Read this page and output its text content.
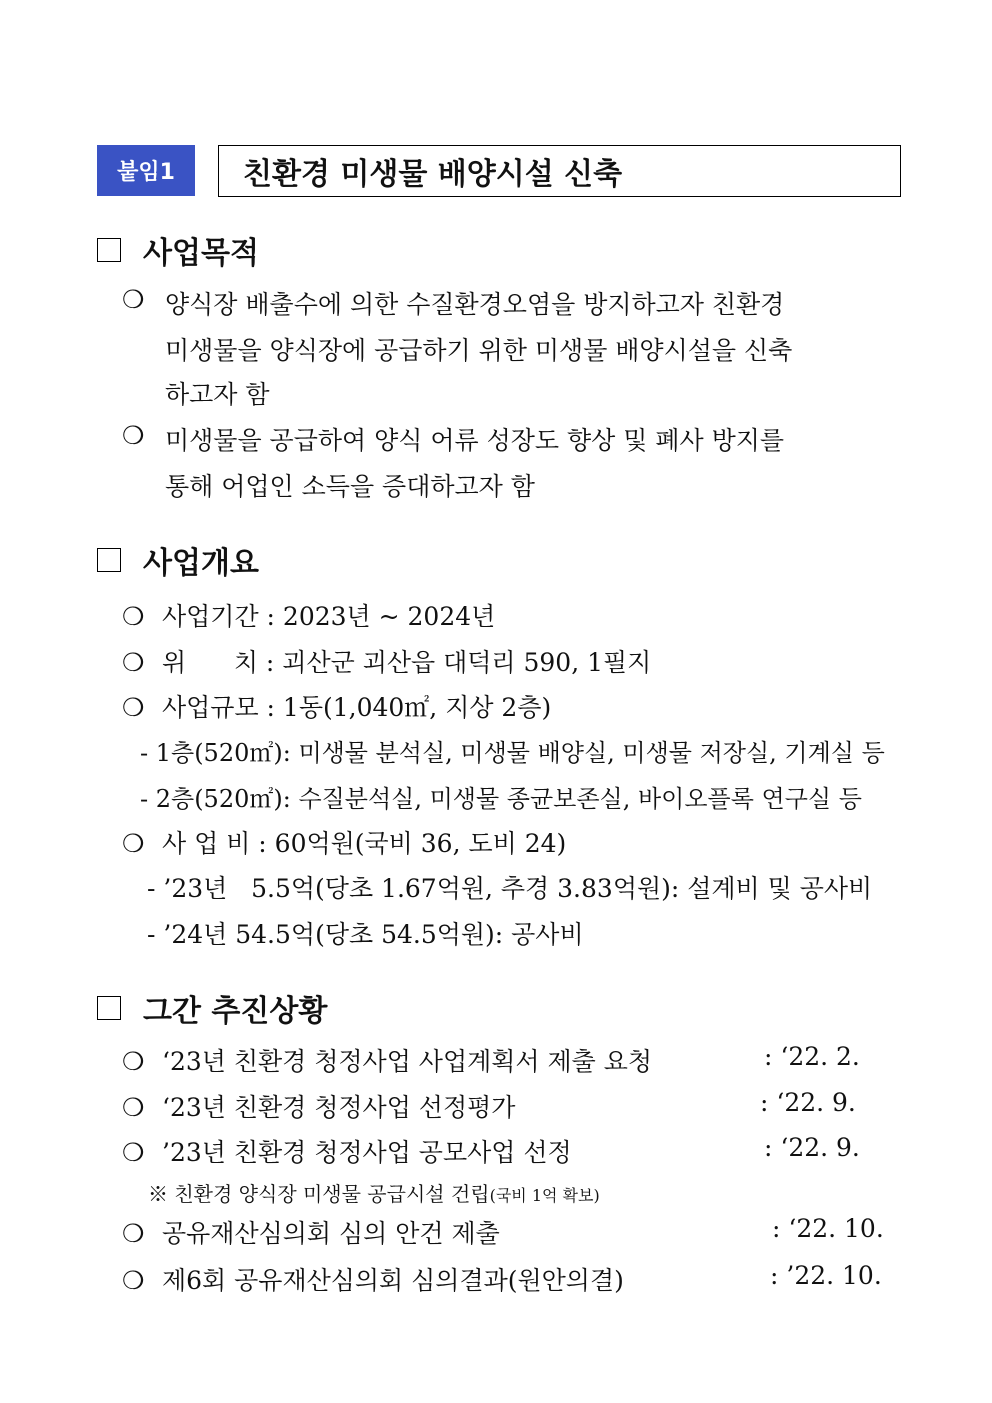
붙임1	친환경 미생물 배양시설 신축
사업목적
❍ 양식장 배출수에 의한 수질환경오염을 방지하고자 친환경
미생물을 양식장에 공급하기 위한 미생물 배양시설을 신축
하고자 함
❍ 미생물을 공급하여 양식 어류 성장도 향상 및 폐사 방지를
통해 어업인 소득을 증대하고자 함
사업개요
❍ 사업기간 : 2023년 ~ 2024년
❍ 위      치 : 괴산군 괴산읍 대덕리 590, 1필지
❍ 사업규모 : 1동(1,040㎡, 지상 2층)
- 1층(520㎡): 미생물 분석실, 미생물 배양실, 미생물 저장실, 기계실 등
- 2층(520㎡): 수질분석실, 미생물 종균보존실, 바이오플록 연구실 등
❍ 사 업 비 : 60억원(국비 36, 도비 24)
- ’23년   5.5억(당초 1.67억원, 추경 3.83억원): 설계비 및 공사비
- ’24년 54.5억(당초 54.5억원): 공사비
그간 추진상황
❍ ‘23년 친환경 청정사업 사업계획서 제출 요청	: ‘22. 2.
❍ ‘23년 친환경 청정사업 선정평가	: ‘22. 9.
❍ ’23년 친환경 청정사업 공모사업 선정	: ‘22. 9.
※ 친환경 양식장 미생물 공급시설 건립(국비 1억 확보)
❍ 공유재산심의회 심의 안건 제출	: ‘22. 10.
❍ 제6회 공유재산심의회 심의결과(원안의결)	: ’22. 10.
